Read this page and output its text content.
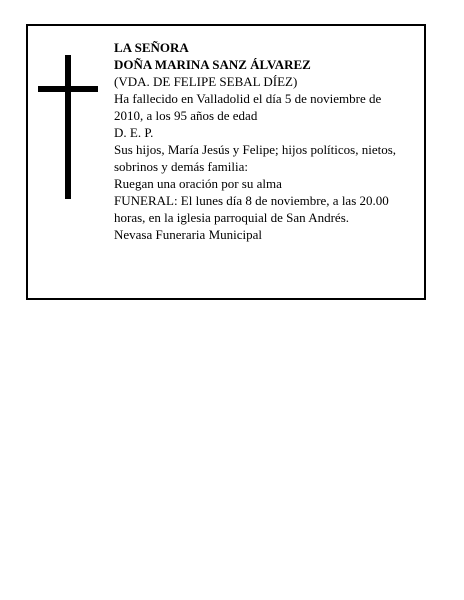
LA SEÑORA
DOÑA MARINA SANZ ÁLVAREZ
(VDA. DE FELIPE SEBAL DÍEZ)
Ha fallecido en Valladolid el día 5 de noviembre de 2010, a los 95 años de edad
D. E. P.
Sus hijos, María Jesús y Felipe; hijos políticos, nietos, sobrinos y demás familia:
Ruegan una oración por su alma
FUNERAL: El lunes día 8 de noviembre, a las 20.00 horas, en la iglesia parroquial de San Andrés.
Nevasa Funeraria Municipal
